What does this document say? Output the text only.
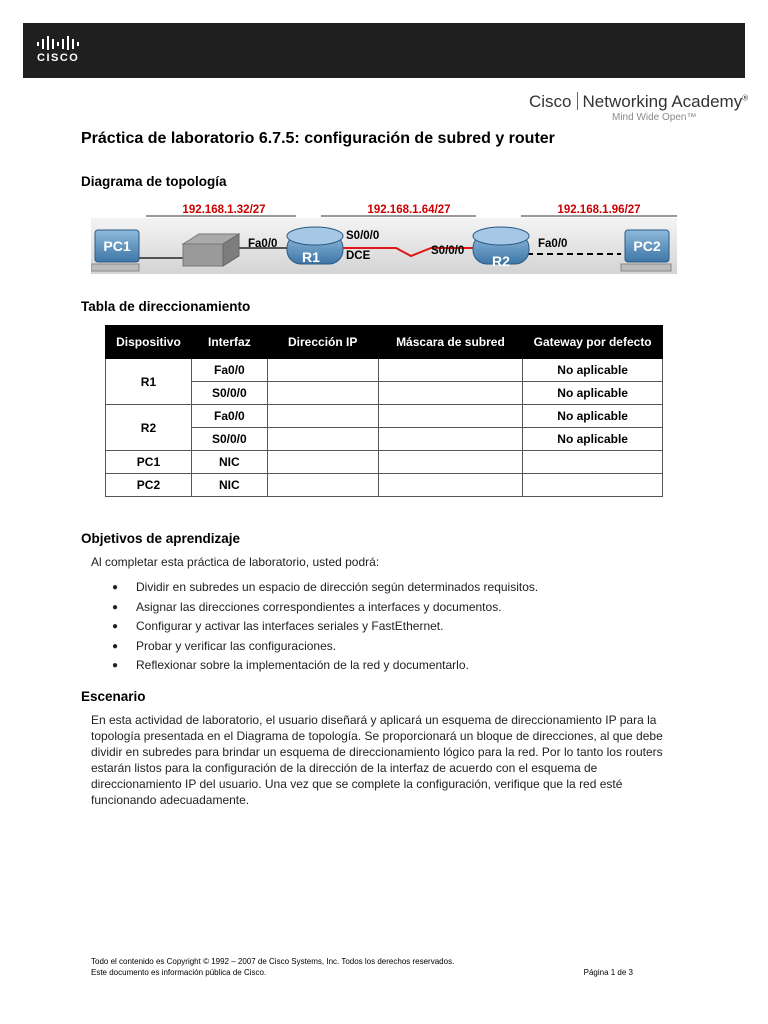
CISCO
Cisco Networking Academy®
Mind Wide Open™
Práctica de laboratorio 6.7.5: configuración de subred y router
Diagrama de topología
192.168.1.32/27	192.168.1.64/27	192.168.1.96/27
PC1	Fa0/0
R1
S0/0/0
DCE	S0/0/0
R2
Fa0/0	PC2
Tabla de direccionamiento
Dispositivo	Interfaz	Dirección IP	Máscara de subred	Gateway por defecto
R1	Fa0/0			No aplicable
	S0/0/0			No aplicable
R2	Fa0/0			No aplicable
	S0/0/0			No aplicable
PC1	NIC			
PC2	NIC			
Objetivos de aprendizaje
Al completar esta práctica de laboratorio, usted podrá:
● Dividir en subredes un espacio de dirección según determinados requisitos.
● Asignar las direcciones correspondientes a interfaces y documentos.
● Configurar y activar las interfaces seriales y FastEthernet.
● Probar y verificar las configuraciones.
● Reflexionar sobre la implementación de la red y documentarlo.
Escenario

En esta actividad de laboratorio, el usuario diseñará y aplicará un esquema de direccionamiento IP para la topología presentada en el Diagrama de topología. Se proporcionará un bloque de direcciones, al que debe dividir en subredes para brindar un esquema de direccionamiento lógico para la red. Por lo tanto los routers estarán listos para la configuración de la dirección de la interfaz de acuerdo con el esquema de direccionamiento IP del usuario. Una vez que se complete la configuración, verifique que la red esté funcionando adecuadamente.

Todo el contenido es Copyright © 1992 – 2007 de Cisco Systems, Inc. Todos los derechos reservados.
Este documento es información pública de Cisco.	Página 1 de 3
